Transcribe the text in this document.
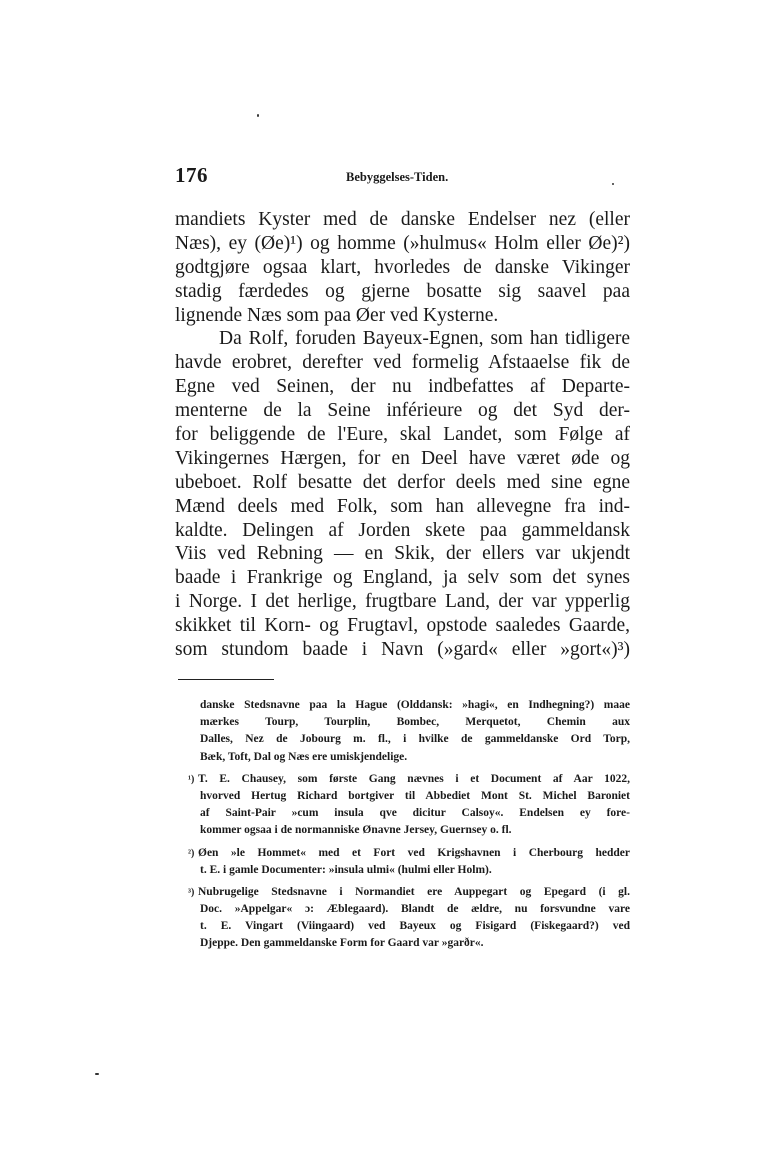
176	Bebyggelses-Tiden.
mandiets Kyster med de danske Endelser nez (eller
Næs), ey (Øe)¹) og homme (»hulmus« Holm eller Øe)²)
godtgjøre ogsaa klart, hvorledes de danske Vikinger
stadig færdedes og gjerne bosatte sig saavel paa
lignende Næs som paa Øer ved Kysterne.
Da Rolf, foruden Bayeux-Egnen, som han tidligere
havde erobret, derefter ved formelig Afstaaelse fik de
Egne ved Seinen, der nu indbefattes af Departe-
menterne de la Seine inférieure og det Syd der-
for beliggende de l'Eure, skal Landet, som Følge af
Vikingernes Hærgen, for en Deel have været øde og
ubeboet. Rolf besatte det derfor deels med sine egne
Mænd deels med Folk, som han allevegne fra ind-
kaldte. Delingen af Jorden skete paa gammeldansk
Viis ved Rebning — en Skik, der ellers var ukjendt
baade i Frankrige og England, ja selv som det synes
i Norge. I det herlige, frugtbare Land, der var ypperlig
skikket til Korn- og Frugtavl, opstode saaledes Gaarde,
som stundom baade i Navn (»gard« eller »gort«)³)
danske Stedsnavne paa la Hague (Olddansk: »hagi«, en Indhegning?) maae
mærkes Tourp, Tourplin, Bombec, Merquetot, Chemin aux
Dalles, Nez de Jobourg m. fl., i hvilke de gammeldanske Ord Torp,
Bæk, Toft, Dal og Næs ere umiskjendelige.
¹) T. E. Chausey, som første Gang nævnes i et Document af Aar 1022,
hvorved Hertug Richard bortgiver til Abbediet Mont St. Michel Baroniet
af Saint-Pair »cum insula qve dicitur Calsoy«. Endelsen ey fore-
kommer ogsaa i de normanniske Ønavne Jersey, Guernsey o. fl.
²) Øen »le Hommet« med et Fort ved Krigshavnen i Cherbourg hedder
t. E. i gamle Documenter: »insula ulmi« (hulmi eller Holm).
³) Nubrugelige Stedsnavne i Normandiet ere Auppegart og Epegard (i gl.
Doc. »Appelgar« ɔ: Æblegaard). Blandt de ældre, nu forsvundne vare
t. E. Vingart (Viingaard) ved Bayeux og Fisigard (Fiskegaard?) ved
Djeppe. Den gammeldanske Form for Gaard var »garðr«.
